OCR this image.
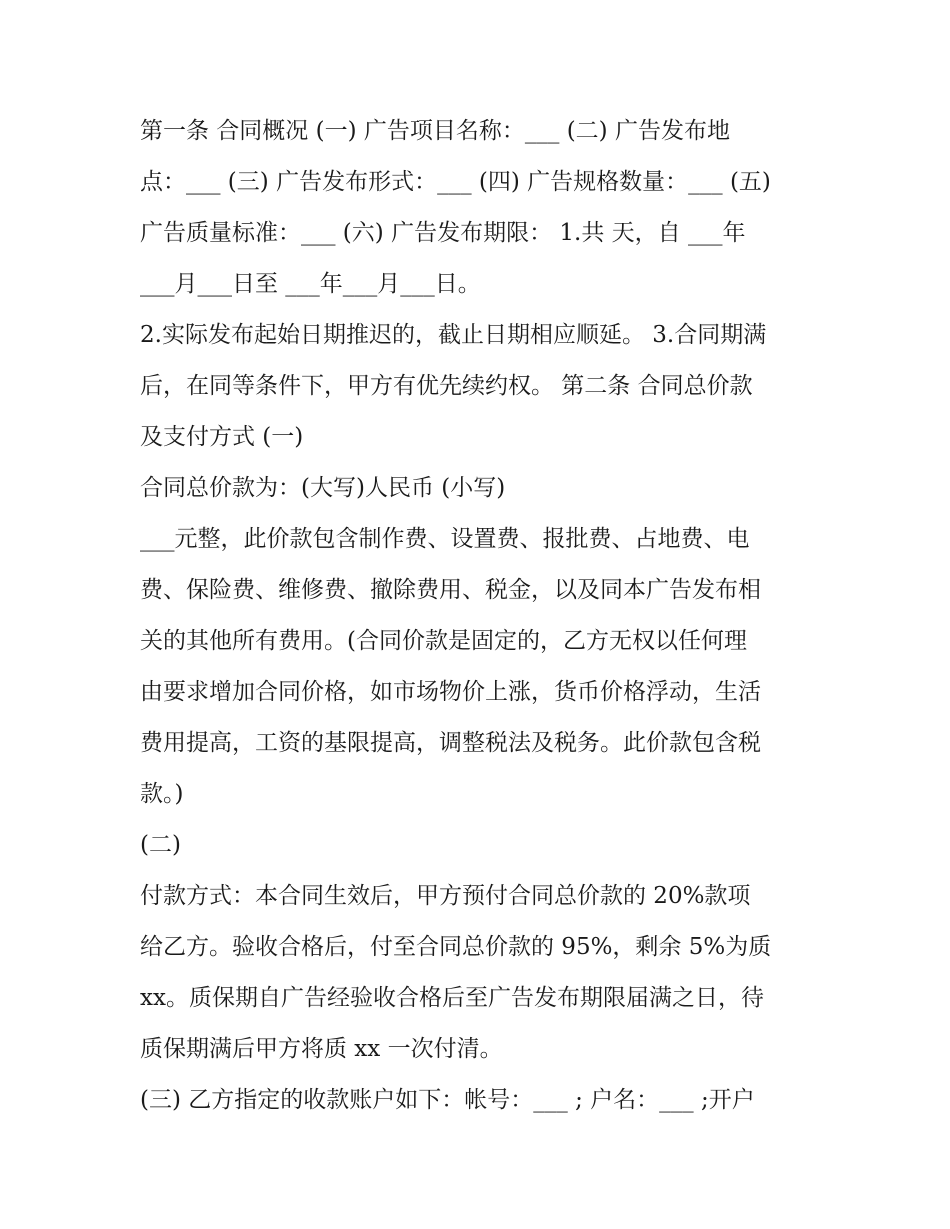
第一条 合同概况 (一) 广告项目名称：___ (二) 广告发布地
点：___ (三) 广告发布形式：___ (四) 广告规格数量：___ (五)
广告质量标准：___ (六) 广告发布期限： 1.共 天，自 ___年
___月___日至 ___年___月___日。

2.实际发布起始日期推迟的，截止日期相应顺延。 3.合同期满
后，在同等条件下，甲方有优先续约权。 第二条 合同总价款
及支付方式 (一)

合同总价款为：(大写)人民币 (小写)

___元整，此价款包含制作费、设置费、报批费、占地费、电
费、保险费、维修费、撤除费用、税金，以及同本广告发布相
关的其他所有费用。(合同价款是固定的，乙方无权以任何理
由要求增加合同价格，如市场物价上涨，货币价格浮动，生活
费用提高，工资的基限提高，调整税法及税务。此价款包含税
款。)

(二)

付款方式：本合同生效后，甲方预付合同总价款的 20%款项
给乙方。验收合格后，付至合同总价款的 95%，剩余 5%为质
xx。质保期自广告经验收合格后至广告发布期限届满之日，待
质保期满后甲方将质 xx 一次付清。

(三) 乙方指定的收款账户如下：帐号：___ ; 户名：___ ;开户
